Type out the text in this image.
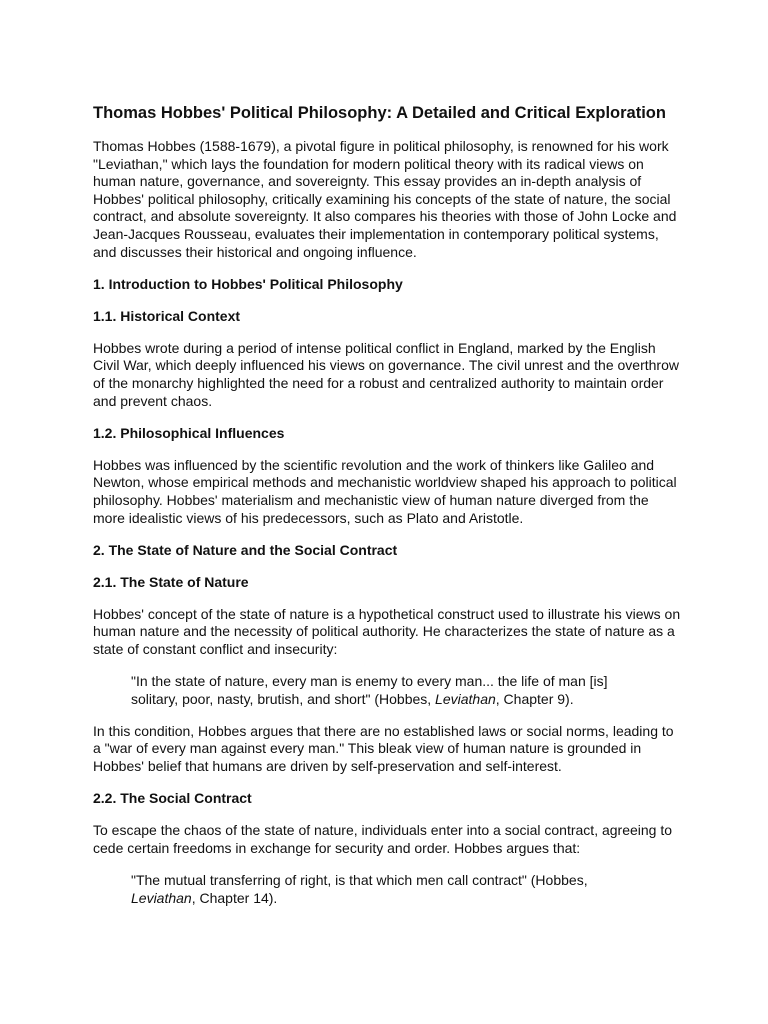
Thomas Hobbes' Political Philosophy: A Detailed and Critical Exploration

Thomas Hobbes (1588-1679), a pivotal figure in political philosophy, is renowned for his work "Leviathan," which lays the foundation for modern political theory with its radical views on human nature, governance, and sovereignty. This essay provides an in-depth analysis of Hobbes' political philosophy, critically examining his concepts of the state of nature, the social contract, and absolute sovereignty. It also compares his theories with those of John Locke and Jean-Jacques Rousseau, evaluates their implementation in contemporary political systems, and discusses their historical and ongoing influence.

1. Introduction to Hobbes' Political Philosophy
1.1. Historical Context

Hobbes wrote during a period of intense political conflict in England, marked by the English Civil War, which deeply influenced his views on governance. The civil unrest and the overthrow of the monarchy highlighted the need for a robust and centralized authority to maintain order and prevent chaos.

1.2. Philosophical Influences

Hobbes was influenced by the scientific revolution and the work of thinkers like Galileo and Newton, whose empirical methods and mechanistic worldview shaped his approach to political philosophy. Hobbes' materialism and mechanistic view of human nature diverged from the more idealistic views of his predecessors, such as Plato and Aristotle.

2. The State of Nature and the Social Contract
2.1. The State of Nature

Hobbes' concept of the state of nature is a hypothetical construct used to illustrate his views on human nature and the necessity of political authority. He characterizes the state of nature as a state of constant conflict and insecurity:

"In the state of nature, every man is enemy to every man... the life of man [is] solitary, poor, nasty, brutish, and short" (Hobbes, Leviathan, Chapter 9).

In this condition, Hobbes argues that there are no established laws or social norms, leading to a "war of every man against every man." This bleak view of human nature is grounded in Hobbes' belief that humans are driven by self-preservation and self-interest.

2.2. The Social Contract

To escape the chaos of the state of nature, individuals enter into a social contract, agreeing to cede certain freedoms in exchange for security and order. Hobbes argues that:

"The mutual transferring of right, is that which men call contract" (Hobbes, Leviathan, Chapter 14).
